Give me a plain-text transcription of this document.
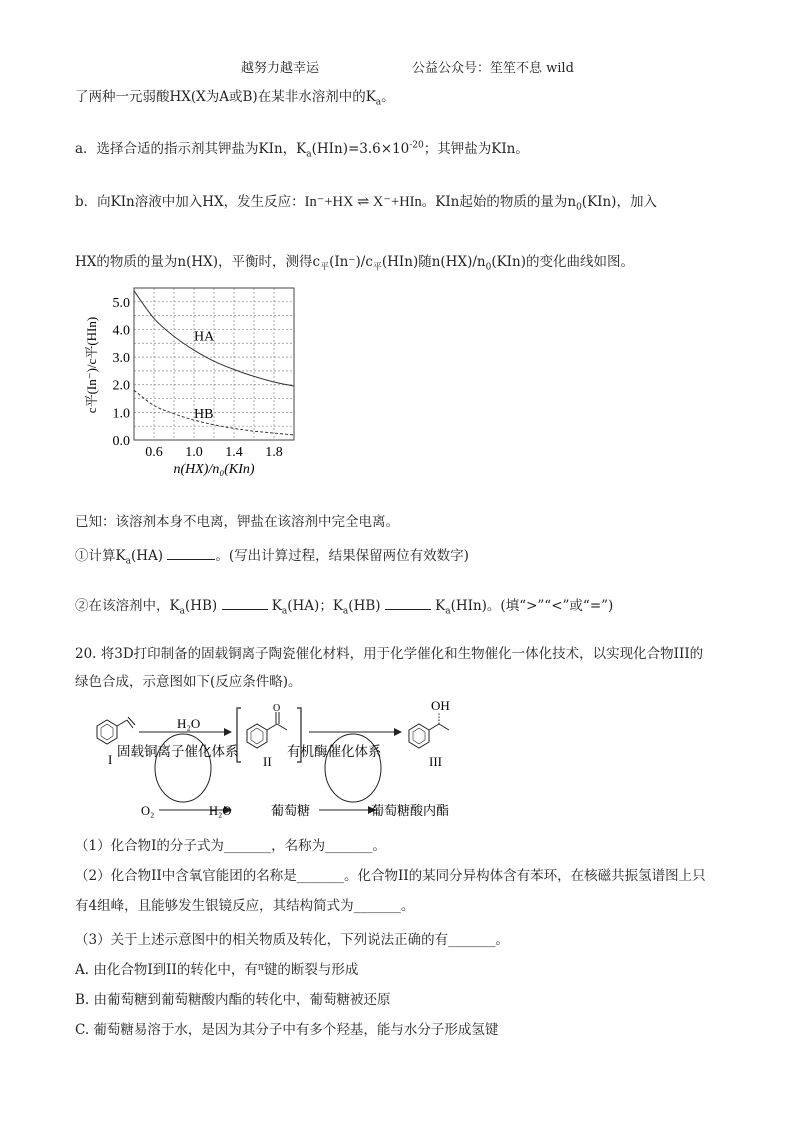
越努力越幸运	公益公众号：笙笙不息 wild
了两种一元弱酸HX(X为A或B)在某非水溶剂中的$K_a$。
a．选择合适的指示剂其钾盐为KIn，$K_a(HIn)=3.6\times 10^{-20}$；其钾盐为KIn。
b．向KIn溶液中加入HX，发生反应：In⁻+HX ⇌ X⁻+HIn。KIn起始的物质的量为$n_0(KIn)$，加入
HX的物质的量为n(HX)，平衡时，测得$c_平(In^-)/c_平(HIn)$随$n(HX)/n_0(KIn)$的变化曲线如图。
0.6 1.0 1.4 1.8
0.0
1.0
2.0
3.0
4.0
5.0
HA
HB
n(HX)/n₀(KIn)
c平(In⁻)/c平(HIn)
已知：该溶剂本身不电离，钾盐在该溶剂中完全电离。
①计算$K_a(HA)$	。(写出计算过程，结果保留两位有效数字)
②在该溶剂中，$K_a(HB)$	$K_a(HA)$；$K_a(HB)$	$K_a(HIn)$。(填“>”“<”或“=”)
20. 将3D打印制备的固载铜离子陶瓷催化材料，用于化学催化和生物催化一体化技术，以实现化合物III的
绿色合成，示意图如下(反应条件略)。
I
H₂O
O
II
OH
III
固载铜离子催化体系	有机酶催化体系
O₂	H₂O	葡萄糖	葡萄糖酸内酯
（1）化合物I的分子式为_______，名称为_______。
（2）化合物II中含氧官能团的名称是_______。化合物II的某同分异构体含有苯环，在核磁共振氢谱图上只
有4组峰，且能够发生银镜反应，其结构简式为_______。
（3）关于上述示意图中的相关物质及转化，下列说法正确的有_______。
A. 由化合物I到II的转化中，有π键的断裂与形成
B. 由葡萄糖到葡萄糖酸内酯的转化中，葡萄糖被还原
C. 葡萄糖易溶于水，是因为其分子中有多个羟基，能与水分子形成氢键
